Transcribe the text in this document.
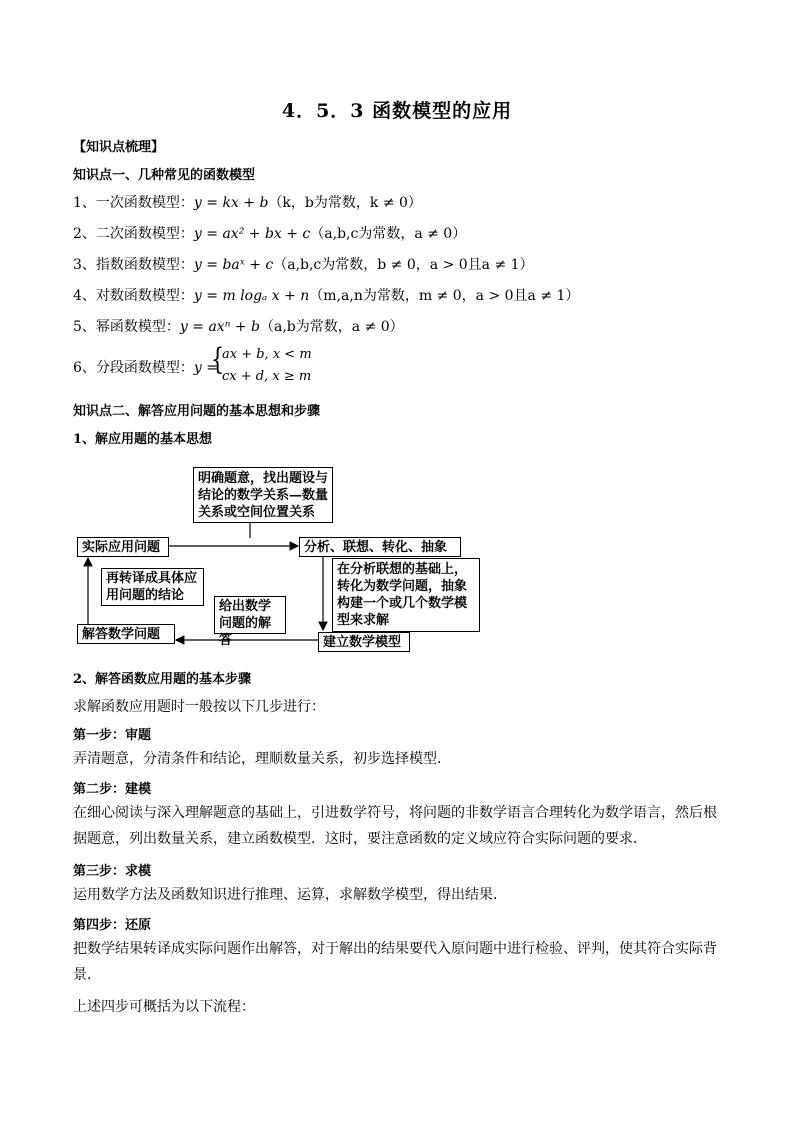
4．5．3 函数模型的应用
【知识点梳理】
知识点一、几种常见的函数模型
1、一次函数模型：y = kx + b（k，b为常数，k ≠ 0）
2、二次函数模型：y = ax² + bx + c（a,b,c为常数，a ≠ 0）
3、指数函数模型：y = baˣ + c（a,b,c为常数，b ≠ 0，a > 0且a ≠ 1）
4、对数函数模型：y = m logₐ x + n（m,a,n为常数，m ≠ 0，a > 0且a ≠ 1）
5、幂函数模型：y = axⁿ + b（a,b为常数，a ≠ 0）
6、分段函数模型：y =
{
ax + b, x < m
cx + d, x ≥ m
知识点二、解答应用问题的基本思想和步骤
1、解应用题的基本思想
明确题意，找出题设与结论的数学关系—数量关系或空间位置关系
实际应用问题	分析、联想、转化、抽象
在分析联想的基础上，转化为数学问题，抽象构建一个或几个数学模型来求解
再转译成具体应用问题的结论
给出数学问题的解答
解答数学问题
建立数学模型
2、解答函数应用题的基本步骤
求解函数应用题时一般按以下几步进行：
第一步：审题
弄清题意，分清条件和结论，理顺数量关系，初步选择模型．
第二步：建模
在细心阅读与深入理解题意的基础上，引进数学符号，将问题的非数学语言合理转化为数学语言，然后根据题意，列出数量关系，建立函数模型．这时，要注意函数的定义域应符合实际问题的要求．
第三步：求模
运用数学方法及函数知识进行推理、运算，求解数学模型，得出结果．
第四步：还原
把数学结果转译成实际问题作出解答，对于解出的结果要代入原问题中进行检验、评判，使其符合实际背景．
上述四步可概括为以下流程：
